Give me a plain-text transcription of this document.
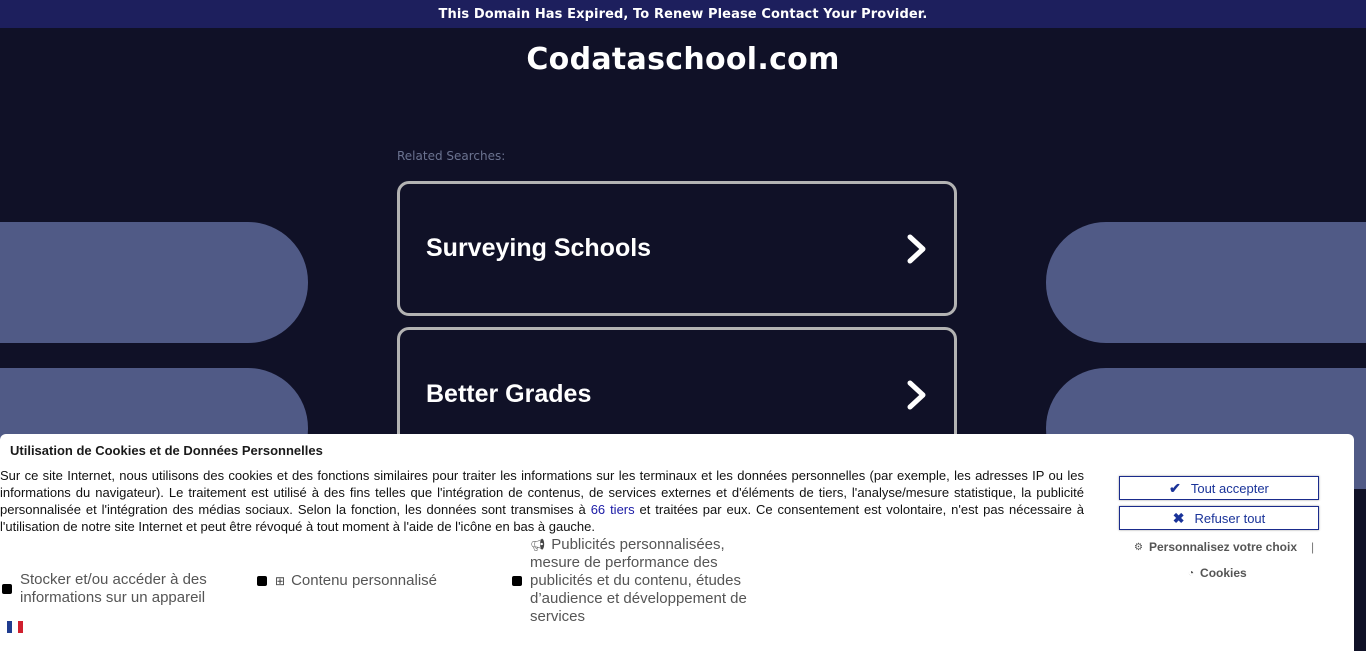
This Domain Has Expired, To Renew Please Contact Your Provider.
Codataschool.com
Related Searches:
Surveying Schools
Better Grades
Utilisation de Cookies et de Données Personnelles
Sur ce site Internet, nous utilisons des cookies et des fonctions similaires pour traiter les informations sur les terminaux et les données personnelles (par exemple, les adresses IP ou les informations du navigateur). Le traitement est utilisé à des fins telles que l'intégration de contenus, de services externes et d'éléments de tiers, l'analyse/mesure statistique, la publicité personnalisée et l'intégration des médias sociaux. Selon la fonction, les données sont transmises à 66 tiers et traitées par eux. Ce consentement est volontaire, n'est pas nécessaire à l'utilisation de notre site Internet et peut être révoqué à tout moment à l'aide de l'icône en bas à gauche.
Stocker et/ou accéder à des informations sur un appareil
⊞ Contenu personnalisé
📢︎ Publicités personnalisées, mesure de performance des publicités et du contenu, études d’audience et développement de services
✔ Tout accepter
✖ Refuser tout
⚙ Personnalisez votre choix |
◔ Cookies
